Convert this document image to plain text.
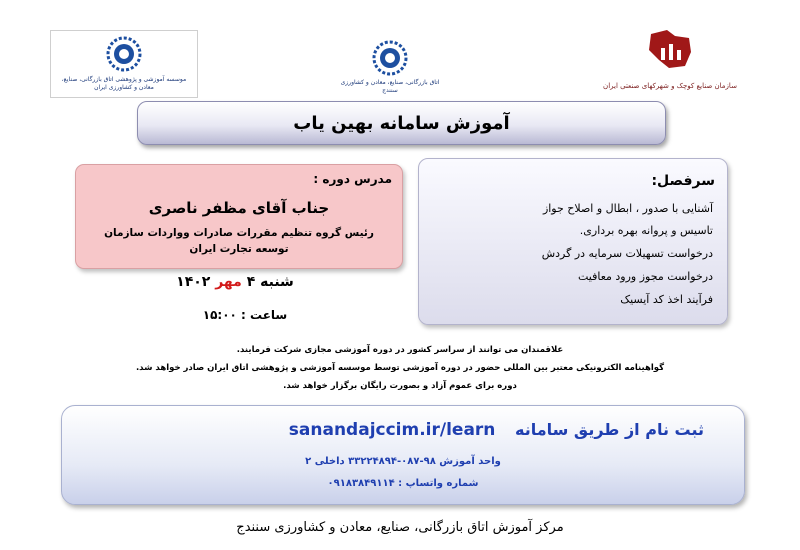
موسسه آموزشی و پژوهشی اتاق بازرگانی، صنایع، معادن و کشاورزی ایران
اتاق بازرگانی، صنایع، معادن و کشاورزی سنندج
سازمان صنایع کوچک و شهرکهای صنعتی ایران
آموزش سامانه بهین یاب
مدرس دوره :
جناب آقای مظفر ناصری
رئیس گروه تنظیم مقررات صادرات وواردات سازمان توسعه تجارت ایران
سرفصل:
آشنایی با صدور ، ابطال و اصلاح جواز
تاسیس و پروانه بهره برداری.
درخواست تسهیلات سرمایه در گردش
درخواست مجوز ورود معافیت
فرآیند اخذ کد آیسیک
شنبه ۴ مهر ۱۴۰۲
ساعت : ۱۵:۰۰
علاقمندان می توانند از سراسر کشور در دوره آموزشی مجازی شرکت فرمایند.
گواهینامه الکترونیکی معتبر بین المللی حضور در دوره آموزشی توسط موسسه آموزشی و پژوهشی اتاق ایران صادر خواهد شد.
دوره برای عموم آزاد و بصورت رایگان برگزار خواهد شد.
ثبت نام از طریق سامانه sanandajccim.ir/learn
واحد آموزش ۹۸-۰۸۷-۳۳۲۲۴۸۹۴ داخلی ۲
شماره واتساپ : ۰۹۱۸۳۸۴۹۱۱۴
مرکز آموزش اتاق بازرگانی، صنایع، معادن و کشاورزی سنندج
